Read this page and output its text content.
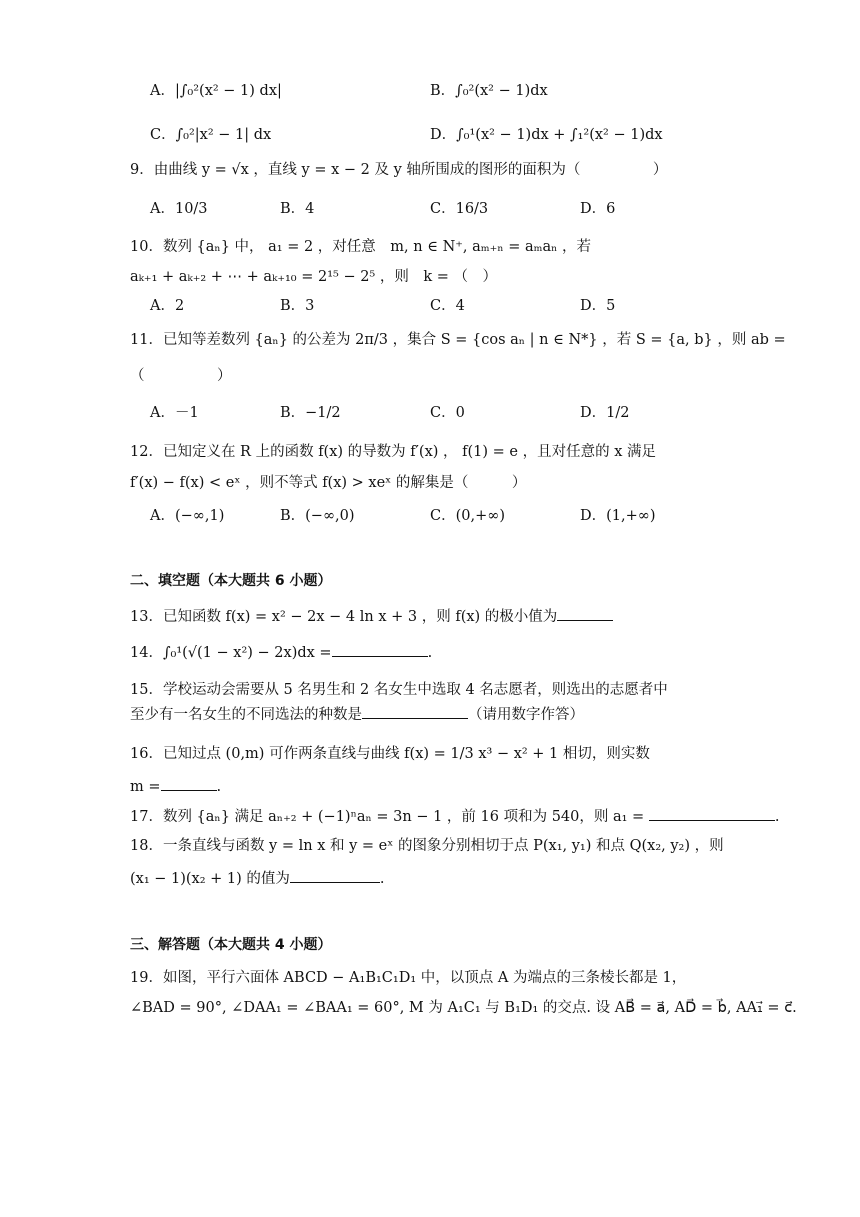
A．|∫₀²(x² − 1) dx|	B．∫₀²(x² − 1)dx
C．∫₀²|x² − 1| dx	D．∫₀¹(x² − 1)dx + ∫₁²(x² − 1)dx
9．由曲线 y = √x ，直线 y = x − 2 及 y 轴所围成的图形的面积为（　　　　　）
A．10/3	B．4	C．16/3	D．6
10．数列 {aₙ} 中， a₁ = 2 ，对任意　m, n ∈ N⁺, aₘ₊ₙ = aₘaₙ ，若
aₖ₊₁ + aₖ₊₂ + ⋯ + aₖ₊₁₀ = 2¹⁵ − 2⁵ ，则　k = （　）
A．2	B．3	C．4	D．5
11．已知等差数列 {aₙ} 的公差为 2π/3 ，集合 S = {cos aₙ | n ∈ N*} ，若 S = {a, b} ，则 ab =
（　　　　　）
A．－1	B．−1/2	C．0	D．1/2
12．已知定义在 R 上的函数 f(x) 的导数为 f′(x) ， f(1) = e ，且对任意的 x 满足
f′(x) − f(x) < eˣ ，则不等式 f(x) > xeˣ 的解集是（　　　）
A．(−∞,1)	B．(−∞,0)	C．(0,+∞)	D．(1,+∞)
二、填空题（本大题共 6 小题）
13．已知函数 f(x) = x² − 2x − 4 ln x + 3 ，则 f(x) 的极小值为
14．∫₀¹(√(1 − x²) − 2x)dx =	.
15．学校运动会需要从 5 名男生和 2 名女生中选取 4 名志愿者，则选出的志愿者中
至少有一名女生的不同选法的种数是	（请用数字作答）
16．已知过点 (0,m) 可作两条直线与曲线 f(x) = 1/3 x³ − x² + 1 相切，则实数
m =	.
17．数列 {aₙ} 满足 aₙ₊₂ + (−1)ⁿaₙ = 3n − 1 ，前 16 项和为 540，则 a₁ =	.
18．一条直线与函数 y = ln x 和 y = eˣ 的图象分别相切于点 P(x₁, y₁) 和点 Q(x₂, y₂) ，则
(x₁ − 1)(x₂ + 1) 的值为	.
三、解答题（本大题共 4 小题）
19．如图，平行六面体 ABCD − A₁B₁C₁D₁ 中，以顶点 A 为端点的三条棱长都是 1，
∠BAD = 90°, ∠DAA₁ = ∠BAA₁ = 60°, M 为 A₁C₁ 与 B₁D₁ 的交点. 设 AB⃗ = a⃗, AD⃗ = b⃗, AA₁⃗ = c⃗.
